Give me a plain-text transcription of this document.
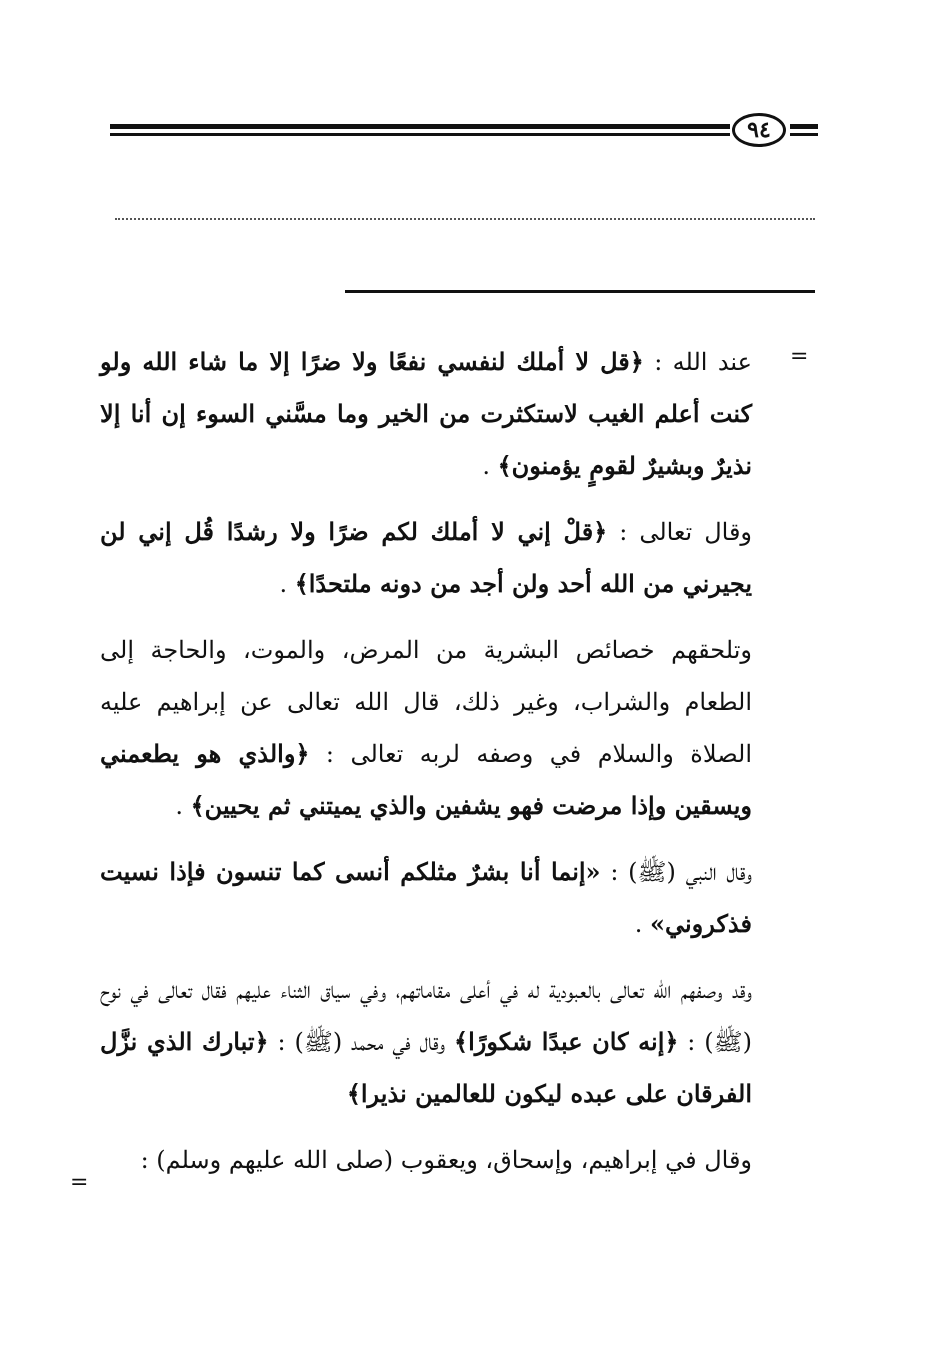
٩٤
=
=

عند الله : ﴿قل لا أملك لنفسي نفعًا ولا ضرًا إلا ما شاء الله ولو كنت أعلم الغيب لاستكثرت من الخير وما مسَّني السوء إن أنا إلا نذيرٌ وبشيرٌ لقومٍ يؤمنون﴾ .

وقال تعالى : ﴿قلْ إني لا أملك لكم ضرًا ولا رشدًا قُل إني لن يجيرني من الله أحد ولن أجد من دونه ملتحدًا﴾ .

وتلحقهم خصائص البشرية من المرض، والموت، والحاجة إلى الطعام والشراب، وغير ذلك، قال الله تعالى عن إبراهيم عليه الصلاة والسلام في وصفه لربه تعالى : ﴿والذي هو يطعمني ويسقين وإذا مرضت فهو يشفين والذي يميتني ثم يحيين﴾ .

وقال النبي (ﷺ) : «إنما أنا بشرٌ مثلكم أنسى كما تنسون فإذا نسيت فذكروني» .

وقد وصفهم الله تعالى بالعبودية له في أعلى مقاماتهم، وفي سياق الثناء عليهم فقال تعالى في نوح (ﷺ) : ﴿إنه كان عبدًا شكورًا﴾ وقال في محمد (ﷺ) : ﴿تبارك الذي نزَّل الفرقان على عبده ليكون للعالمين نذيرا﴾

وقال في إبراهيم، وإسحاق، ويعقوب (صلى الله عليهم وسلم) :
